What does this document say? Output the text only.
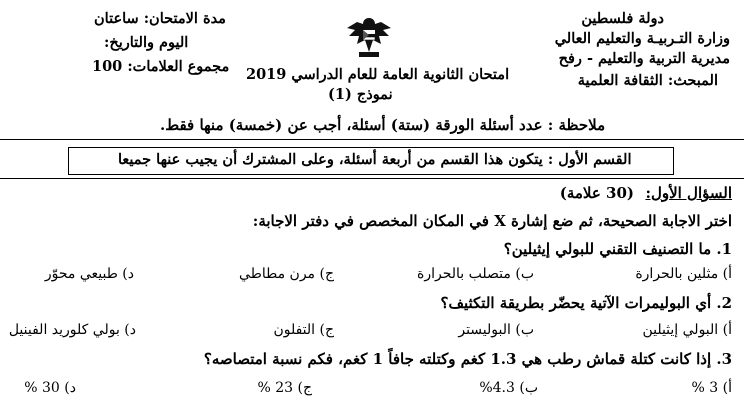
دولة فلسطين
وزارة التـربيـة والتعليم العالي
مديرية التربية والتعليم - رفح
المبحث: الثقافة العلمية
امتحان الثانوية العامة للعام الدراسي 2019
نموذج (1)
مدة الامتحان: ساعتان
اليوم والتاريخ:
مجموع العلامات: 100
ملاحظة : عدد أسئلة الورقة (ستة) أسئلة، أجب عن (خمسة) منها فقط.
القسم الأول : يتكون هذا القسم من أربعة أسئلة، وعلى المشترك أن يجيب عنها جميعا
السؤال الأول:
(30 علامة)
اختر الاجابة الصحيحة، ثم ضع إشارة X في المكان المخصص في دفتر الاجابة:
1. ما التصنيف التقني للبولي إيثيلين؟
أ) مثلين بالحرارة
ب) متصلب بالحرارة
ج) مرن مطاطي
د) طبيعي محوّر
2. أي البوليمرات الآتية يحضّر بطريقة التكثيف؟
أ) البولي إيثيلين
ب) البوليستر
ج) التفلون
د) بولي كلوريد الفينيل
3. إذا كانت كتلة قماش رطب هي 1.3 كغم وكتلته جافاً 1 كغم، فكم نسبة امتصاصه؟
أ) 3 %
ب) 4.3%
ج) 23 %
د) 30 %
